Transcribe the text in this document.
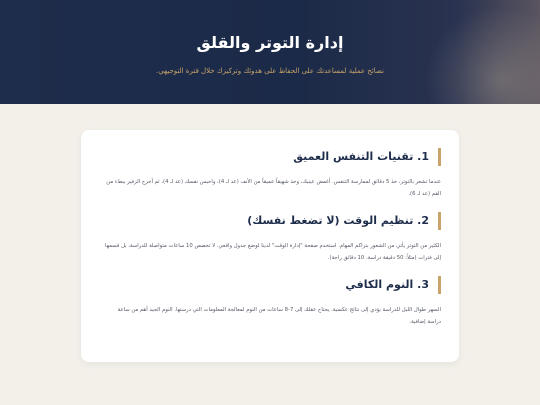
إدارة التوتر والقلق

نصائح عملية لمساعدتك على الحفاظ على هدوئك وتركيزك خلال فترة التوجيهي.

1. تقنيات التنفس العميق

عندما تشعر بالتوتر، خذ 5 دقائق لممارسة التنفس. أغمض عينيك، وخذ شهيقاً عميقاً من الأنف (عد لـ 4)، واحبس نفسك (عد لـ 4)، ثم أخرج الزفير ببطء من الفم (عد لـ 6).

2. تنظيم الوقت (لا تضغط نفسك)

الكثير من التوتر يأتي من الشعور بتراكم المهام. استخدم صفحة "إدارة الوقت" لدينا لوضع جدول واقعي. لا تخصص 10 ساعات متواصلة للدراسة، بل قسمها إلى فترات (مثلاً: 50 دقيقة دراسة، 10 دقائق راحة).

3. النوم الكافي

السهر طوال الليل للدراسة يؤدي إلى نتائج عكسية. يحتاج عقلك إلى 7-8 ساعات من النوم لمعالجة المعلومات التي درستها. النوم الجيد أهم من ساعة دراسة إضافية.
